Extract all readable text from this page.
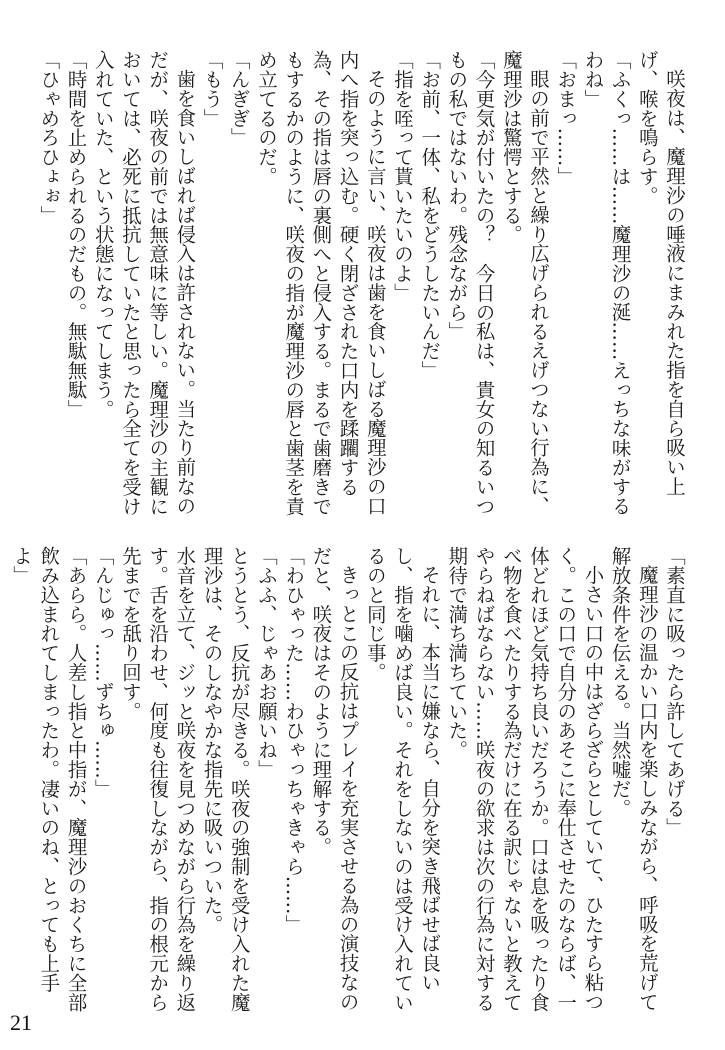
咲夜は、魔理沙の唾液にまみれた指を自ら吸い上げ、喉を鳴らす。

「ふくっ……は……魔理沙の涎……えっちな味がするわね」

「おまっ……」

眼の前で平然と繰り広げられるえげつない行為に、魔理沙は驚愕とする。

「今更気が付いたの？　今日の私は、貴女の知るいつもの私ではないわ。残念ながら」

「お前、一体、私をどうしたいんだ」

「指を咥って貰いたいのよ」

そのように言い、咲夜は歯を食いしばる魔理沙の口内へ指を突っ込む。硬く閉ざされた口内を蹂躙する為、その指は唇の裏側へと侵入する。まるで歯磨きでもするかのように、咲夜の指が魔理沙の唇と歯茎を責め立てるのだ。

「んぎぎ」

「もう」

歯を食いしばれば侵入は許されない。当たり前なのだが、咲夜の前では無意味に等しい。魔理沙の主観においては、必死に抵抗していたと思ったら全てを受け入れていた、という状態になってしまう。

「時間を止められるのだもの。無駄無駄」

「ひゃめろひょぉ」

「素直に吸ったら許してあげる」

魔理沙の温かい口内を楽しみながら、呼吸を荒げて解放条件を伝える。当然嘘だ。

小さい口の中はざらざらとしていて、ひたすら粘つく。この口で自分のあそこに奉仕させたのならば、一体どれほど気持ち良いだろうか。口は息を吸ったり食べ物を食べたりする為だけに在る訳じゃないと教えてやらねばならない……咲夜の欲求は次の行為に対する期待で満ち満ちていた。

それに、本当に嫌なら、自分を突き飛ばせば良いし、指を噛めば良い。それをしないのは受け入れているのと同じ事。

きっとこの反抗はプレイを充実させる為の演技なのだと、咲夜はそのように理解する。

「わひゃった……わひゃっちゃきゃら……」

「ふふ、じゃあお願いね」

とうとう、反抗が尽きる。咲夜の強制を受け入れた魔理沙は、そのしなやかな指先に吸いついた。

水音を立て、ジッと咲夜を見つめながら行為を繰り返す。舌を沿わせ、何度も往復しながら、指の根元から先までを舐り回す。

「んじゅっ……ずちゅ……」

「あらら。人差し指と中指が、魔理沙のおくちに全部飲み込まれてしまったわ。凄いのね、とっても上手よ」

21
